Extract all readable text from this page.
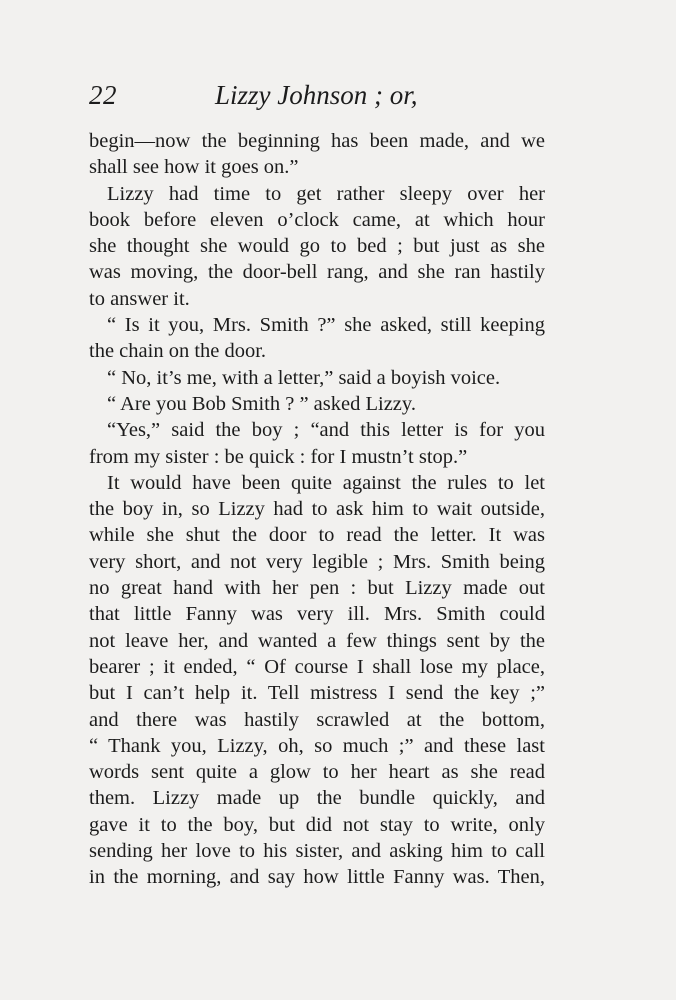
22	Lizzy Johnson ; or,
begin—now the beginning has been made, and we
shall see how it goes on.”
Lizzy had time to get rather sleepy over her
book before eleven o’clock came, at which hour
she thought she would go to bed ; but just as she
was moving, the door-bell rang, and she ran hastily
to answer it.
“ Is it you, Mrs. Smith ?” she asked, still keeping
the chain on the door.
“ No, it’s me, with a letter,” said a boyish voice.
“ Are you Bob Smith ? ” asked Lizzy.
“Yes,” said the boy ; “and this letter is for you
from my sister : be quick : for I mustn’t stop.”
It would have been quite against the rules to let
the boy in, so Lizzy had to ask him to wait outside,
while she shut the door to read the letter. It was
very short, and not very legible ; Mrs. Smith being
no great hand with her pen : but Lizzy made out
that little Fanny was very ill. Mrs. Smith could
not leave her, and wanted a few things sent by the
bearer ; it ended, “ Of course I shall lose my place,
but I can’t help it. Tell mistress I send the key ;”
and there was hastily scrawled at the bottom,
“ Thank you, Lizzy, oh, so much ;” and these last
words sent quite a glow to her heart as she read
them. Lizzy made up the bundle quickly, and
gave it to the boy, but did not stay to write, only
sending her love to his sister, and asking him to call
in the morning, and say how little Fanny was. Then,
